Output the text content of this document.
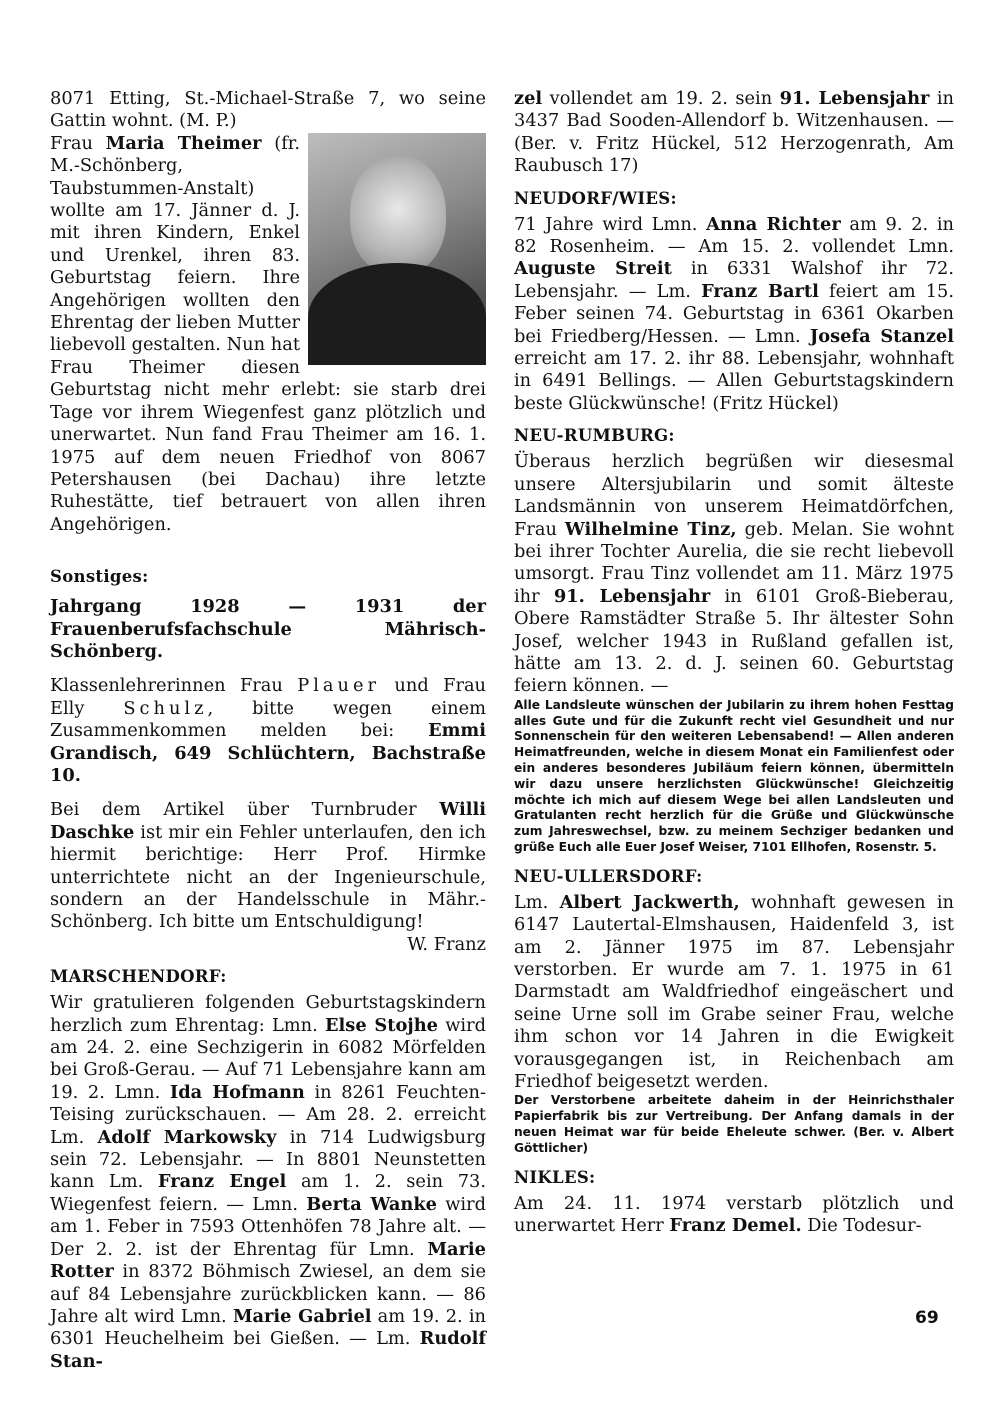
8071 Etting, St.-Michael-Straße 7, wo seine Gattin wohnt. (M. P.)

Frau Maria Theimer (fr. M.-Schönberg, Taubstummen-Anstalt) wollte am 17. Jänner d. J. mit ihren Kindern, Enkel und Urenkel, ihren 83. Geburtstag feiern. Ihre Angehörigen wollten den Ehrentag der lieben Mutter liebevoll gestalten. Nun hat Frau Theimer diesen Geburtstag nicht mehr erlebt: sie starb drei Tage vor ihrem Wiegenfest ganz plötzlich und unerwartet. Nun fand Frau Theimer am 16. 1. 1975 auf dem neuen Friedhof von 8067 Petershausen (bei Dachau) ihre letzte Ruhestätte, tief betrauert von allen ihren Angehörigen.

Sonstiges:

Jahrgang 1928 — 1931 der Frauenberufsfachschule Mährisch-Schönberg.

Klassenlehrerinnen Frau Plauer und Frau Elly Schulz, bitte wegen einem Zusammenkommen melden bei: Emmi Grandisch, 649 Schlüchtern, Bachstraße 10.

Bei dem Artikel über Turnbruder Willi Daschke ist mir ein Fehler unterlaufen, den ich hiermit berichtige: Herr Prof. Hirmke unterrichtete nicht an der Ingenieurschule, sondern an der Handelsschule in Mähr.-Schönberg. Ich bitte um Entschuldigung!

W. Franz

MARSCHENDORF:

Wir gratulieren folgenden Geburtstagskindern herzlich zum Ehrentag: Lmn. Else Stojhe wird am 24. 2. eine Sechzigerin in 6082 Mörfelden bei Groß-Gerau. — Auf 71 Lebensjahre kann am 19. 2. Lmn. Ida Hofmann in 8261 Feuchten-Teising zurückschauen. — Am 28. 2. erreicht Lm. Adolf Markowsky in 714 Ludwigsburg sein 72. Lebensjahr. — In 8801 Neunstetten kann Lm. Franz Engel am 1. 2. sein 73. Wiegenfest feiern. — Lmn. Berta Wanke wird am 1. Feber in 7593 Ottenhöfen 78 Jahre alt. — Der 2. 2. ist der Ehrentag für Lmn. Marie Rotter in 8372 Böhmisch Zwiesel, an dem sie auf 84 Lebensjahre zurückblicken kann. — 86 Jahre alt wird Lmn. Marie Gabriel am 19. 2. in 6301 Heuchelheim bei Gießen. — Lm. Rudolf Stan-

zel vollendet am 19. 2. sein 91. Lebensjahr in 3437 Bad Sooden-Allendorf b. Witzenhausen. — (Ber. v. Fritz Hückel, 512 Herzogenrath, Am Raubusch 17)

NEUDORF/WIES:

71 Jahre wird Lmn. Anna Richter am 9. 2. in 82 Rosenheim. — Am 15. 2. vollendet Lmn. Auguste Streit in 6331 Walshof ihr 72. Lebensjahr. — Lm. Franz Bartl feiert am 15. Feber seinen 74. Geburtstag in 6361 Okarben bei Friedberg/Hessen. — Lmn. Josefa Stanzel erreicht am 17. 2. ihr 88. Lebensjahr, wohnhaft in 6491 Bellings. — Allen Geburtstagskindern beste Glückwünsche! (Fritz Hückel)

NEU-RUMBURG:

Überaus herzlich begrüßen wir diesesmal unsere Altersjubilarin und somit älteste Landsmännin von unserem Heimatdörfchen, Frau Wilhelmine Tinz, geb. Melan. Sie wohnt bei ihrer Tochter Aurelia, die sie recht liebevoll umsorgt. Frau Tinz vollendet am 11. März 1975 ihr 91. Lebensjahr in 6101 Groß-Bieberau, Obere Ramstädter Straße 5. Ihr ältester Sohn Josef, welcher 1943 in Rußland gefallen ist, hätte am 13. 2. d. J. seinen 60. Geburtstag feiern können. —

Alle Landsleute wünschen der Jubilarin zu ihrem hohen Festtag alles Gute und für die Zukunft recht viel Gesundheit und nur Sonnenschein für den weiteren Lebensabend! — Allen anderen Heimatfreunden, welche in diesem Monat ein Familienfest oder ein anderes besonderes Jubiläum feiern können, übermitteln wir dazu unsere herzlichsten Glückwünsche! Gleichzeitig möchte ich mich auf diesem Wege bei allen Landsleuten und Gratulanten recht herzlich für die Grüße und Glückwünsche zum Jahreswechsel, bzw. zu meinem Sechziger bedanken und grüße Euch alle Euer Josef Weiser, 7101 Ellhofen, Rosenstr. 5.

NEU-ULLERSDORF:

Lm. Albert Jackwerth, wohnhaft gewesen in 6147 Lautertal-Elmshausen, Haidenfeld 3, ist am 2. Jänner 1975 im 87. Lebensjahr verstorben. Er wurde am 7. 1. 1975 in 61 Darmstadt am Waldfriedhof eingeäschert und seine Urne soll im Grabe seiner Frau, welche ihm schon vor 14 Jahren in die Ewigkeit vorausgegangen ist, in Reichenbach am Friedhof beigesetzt werden.

Der Verstorbene arbeitete daheim in der Heinrichsthaler Papierfabrik bis zur Vertreibung. Der Anfang damals in der neuen Heimat war für beide Eheleute schwer. (Ber. v. Albert Göttlicher)

NIKLES:

Am 24. 11. 1974 verstarb plötzlich und unerwartet Herr Franz Demel. Die Todesur-

69
